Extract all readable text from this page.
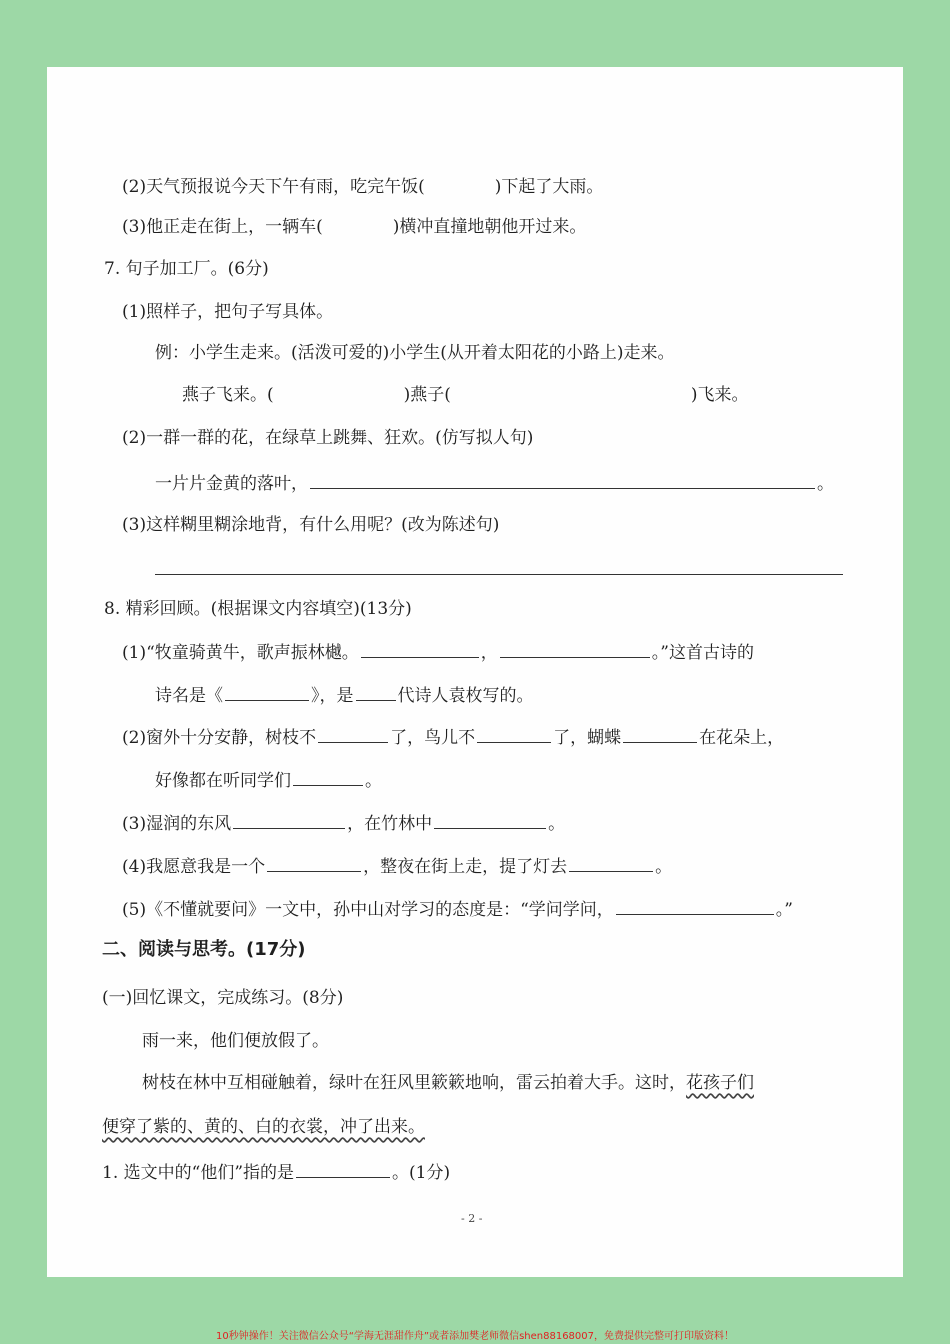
(2)天气预报说今天下午有雨，吃完午饭(	)下起了大雨。
(3)他正走在街上，一辆车(	)横冲直撞地朝他开过来。
7. 句子加工厂。(6分)
(1)照样子，把句子写具体。
例：小学生走来。(活泼可爱的)小学生(从开着太阳花的小路上)走来。
燕子飞来。(	)燕子(	)飞来。
(2)一群一群的花，在绿草上跳舞、狂欢。(仿写拟人句)
一片片金黄的落叶，	。
(3)这样糊里糊涂地背，有什么用呢？(改为陈述句)
8. 精彩回顾。(根据课文内容填空)(13分)
(1)“牧童骑黄牛，歌声振林樾。	，	。”这首古诗的
诗名是《	》，是	代诗人袁枚写的。
(2)窗外十分安静，树枝不	了，鸟儿不	了，蝴蝶	在花朵上，
好像都在听同学们	。
(3)湿润的东风	，在竹林中	。
(4)我愿意我是一个	，整夜在街上走，提了灯去	。
(5)《不懂就要问》一文中，孙中山对学习的态度是：“学问学问，	。”
二、阅读与思考。(17分)
(一)回忆课文，完成练习。(8分)
雨一来，他们便放假了。
树枝在林中互相碰触着，绿叶在狂风里簌簌地响，雷云拍着大手。这时，花孩子们
便穿了紫的、黄的、白的衣裳，冲了出来。
1. 选文中的“他们”指的是	。(1分)
- 2 -
10秒钟操作！关注微信公众号“学海无涯甜作舟”或者添加樊老师微信shen88168007，免费提供完整可打印版资料！
